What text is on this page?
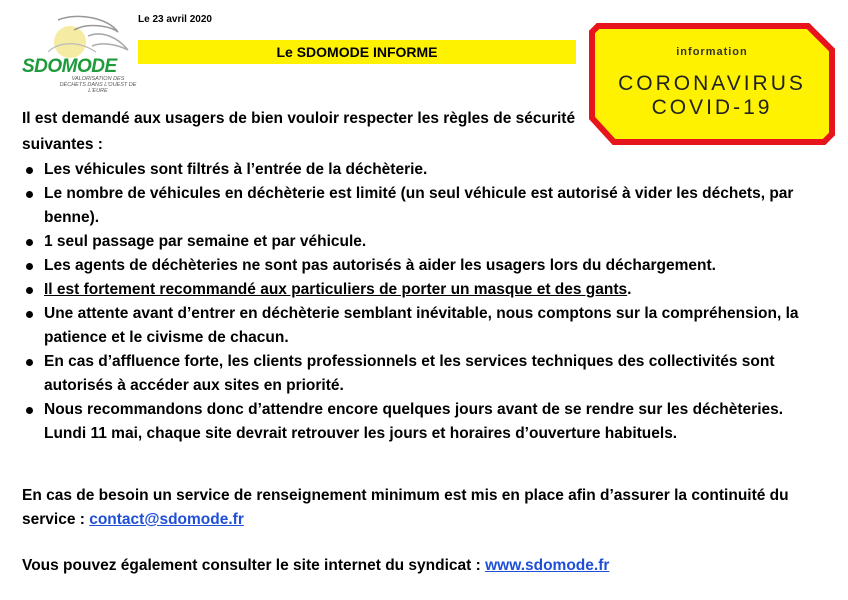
SDOMODE
VALORISATION DES DÉCHETS DANS L'OUEST DE L'EURE
Le 23 avril 2020
Le SDOMODE INFORME	information
CORONAVIRUS
COVID-19
Il est demandé aux usagers de bien vouloir respecter les règles de sécurité suivantes :
Les véhicules sont filtrés à l’entrée de la déchèterie.
Le nombre de véhicules en déchèterie est limité (un seul véhicule est autorisé à vider les déchets, par benne).
1 seul passage par semaine et par véhicule.
Les agents de déchèteries ne sont pas autorisés à aider les usagers lors du déchargement.
Il est fortement recommandé aux particuliers de porter un masque et des gants.
Une attente avant d’entrer en déchèterie semblant inévitable, nous comptons sur la compréhension, la patience et le civisme de chacun.
En cas d’affluence forte, les clients professionnels et les services techniques des collectivités sont autorisés à accéder aux sites en priorité.
Nous recommandons donc d’attendre encore quelques jours avant de se rendre sur les déchèteries. Lundi 11 mai, chaque site devrait retrouver les jours et horaires d’ouverture habituels.

En cas de besoin un service de renseignement minimum est mis en place afin d’assurer la continuité du service : contact@sdomode.fr

Vous pouvez également consulter le site internet du syndicat : www.sdomode.fr
